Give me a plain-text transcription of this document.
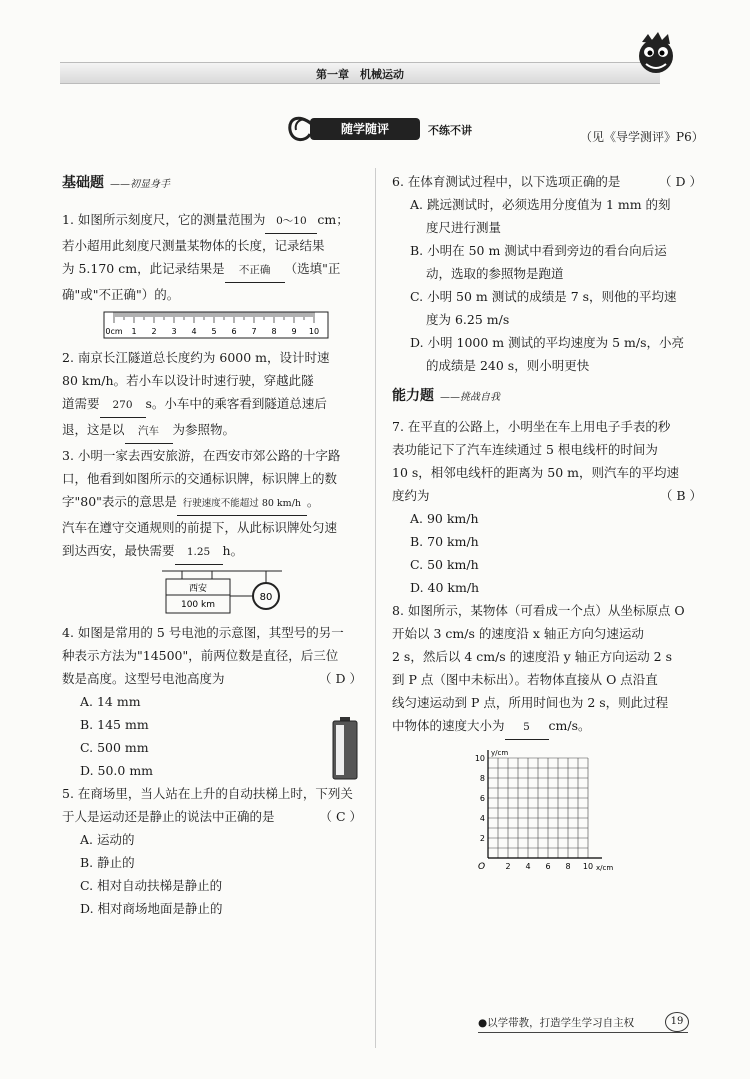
第一章　机械运动
随学随评	不练不讲	（见《导学测评》P6）
基础题 ——初显身手

1. 如图所示刻度尺，它的测量范围为 0～10 cm；

若小超用此刻度尺测量某物体的长度，记录结果

为 5.170 cm，此记录结果是 不正确 （选填"正

确"或"不正确"）的。

0cm 1 2 3 4 5 6 7 8 9 10

2. 南京长江隧道总长度约为 6000 m，设计时速

80 km/h。若小车以设计时速行驶，穿越此隧

道需要 270 s。小车中的乘客看到隧道总速后

退，这是以 汽车 为参照物。

3. 小明一家去西安旅游，在西安市郊公路的十字路

口，他看到如图所示的交通标识牌，标识牌上的数

字"80"表示的意思是 行驶速度不能超过 80 km/h 。

汽车在遵守交通规则的前提下，从此标识牌处匀速

到达西安，最快需要 1.25 h。

西安
100 km
80

4. 如图是常用的 5 号电池的示意图，其型号的另一

种表示方法为"14500"，前两位数是直径，后三位

数是高度。这型号电池高度为	（ D ）

A. 14 mm

B. 145 mm

C. 500 mm

D. 50.0 mm

5. 在商场里，当人站在上升的自动扶梯上时，下列关

于人是运动还是静止的说法中正确的是	（ C ）

A. 运动的

B. 静止的

C. 相对自动扶梯是静止的

D. 相对商场地面是静止的

6. 在体育测试过程中，以下选项正确的是	（ D ）

A. 跳远测试时，必须选用分度值为 1 mm 的刻

度尺进行测量

B. 小明在 50 m 测试中看到旁边的看台向后运

动，选取的参照物是跑道

C. 小明 50 m 测试的成绩是 7 s，则他的平均速

度为 6.25 m/s

D. 小明 1000 m 测试的平均速度为 5 m/s，小亮

的成绩是 240 s，则小明更快

能力题 ——挑战自我

7. 在平直的公路上，小明坐在车上用电子手表的秒

表功能记下了汽车连续通过 5 根电线杆的时间为

10 s，相邻电线杆的距离为 50 m，则汽车的平均速

度约为	（ B ）

A. 90 km/h

B. 70 km/h

C. 50 km/h

D. 40 km/h

8. 如图所示，某物体（可看成一个点）从坐标原点 O

开始以 3 cm/s 的速度沿 x 轴正方向匀速运动

2 s，然后以 4 cm/s 的速度沿 y 轴正方向运动 2 s

到 P 点（图中未标出）。若物体直接从 O 点沿直

线匀速运动到 P 点，所用时间也为 2 s，则此过程

中物体的速度大小为 5 cm/s。

O	2 4 6 8 10
2
4
6
8
10
x/cm
y/cm
●以学带教，打造学生学习自主权	19
